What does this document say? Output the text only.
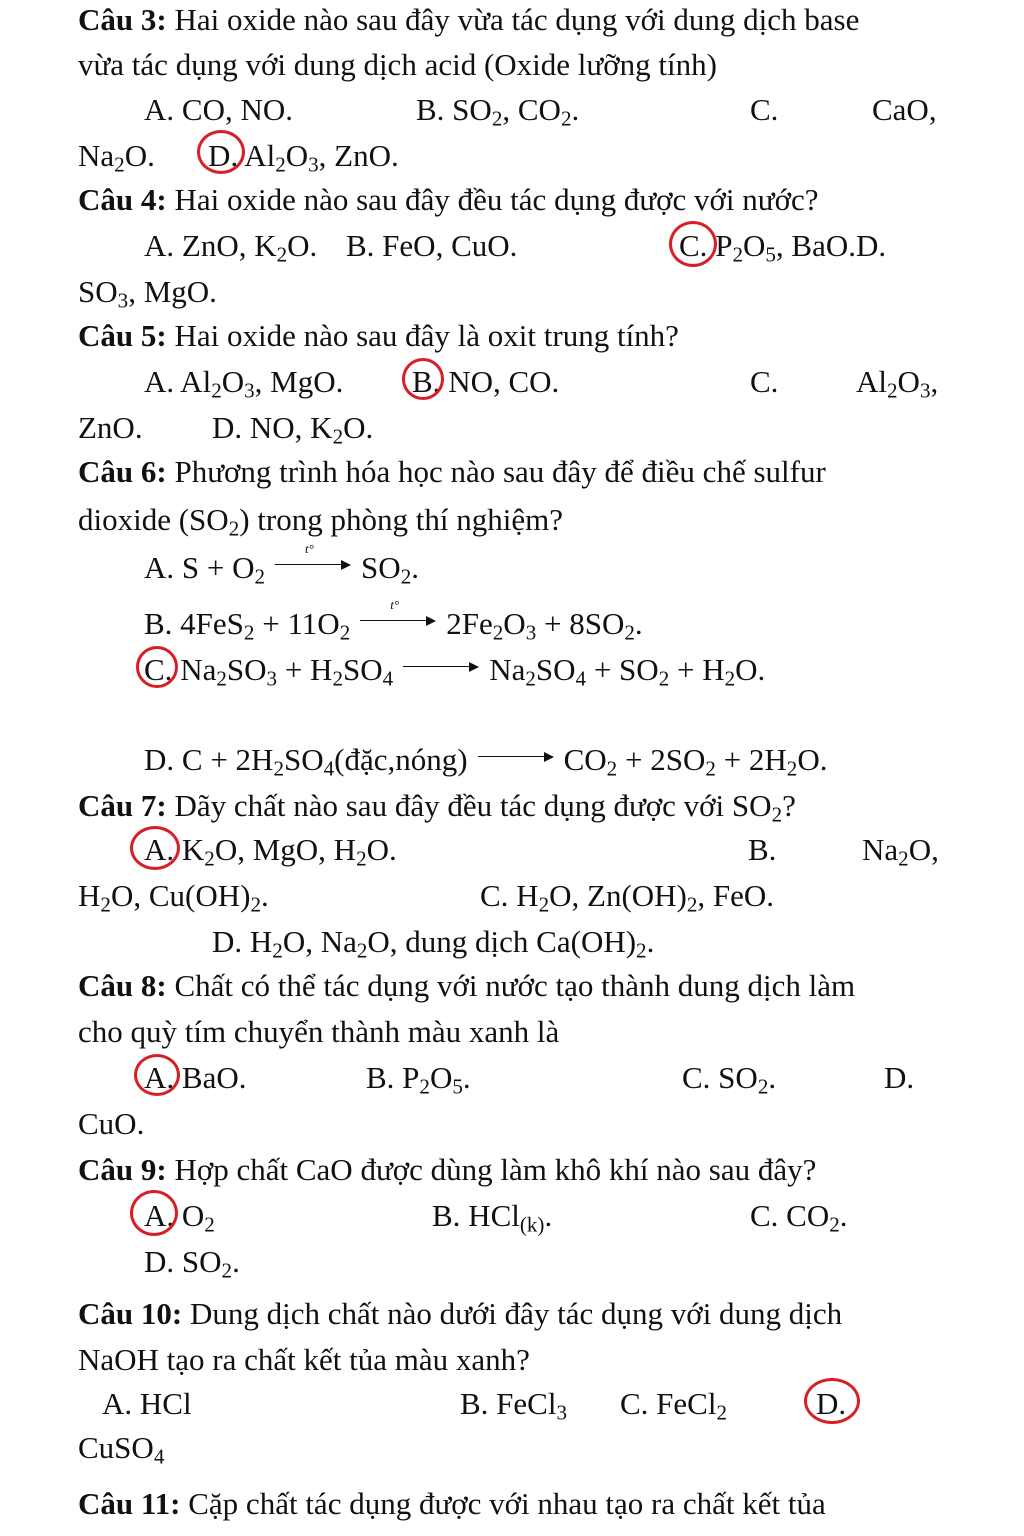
Câu 3: Hai oxide nào sau đây vừa tác dụng với dung dịch base
vừa tác dụng với dung dịch acid (Oxide lưỡng tính)
A. CO, NO.	B. $SO_2$, $CO_2$.	C.	CaO,
$Na_2O$. D. $Al_2O_3$, ZnO.
Câu 4: Hai oxide nào sau đây đều tác dụng được với nước?
A. ZnO, $K_2O$. B. FeO, CuO.	C. $P_2O_5$, BaO.D.
$SO_3$, MgO.
Câu 5: Hai oxide nào sau đây là oxit trung tính?
A. $Al_2O_3$, MgO. B. NO, CO.	C.	$Al_2O_3$,
ZnO. D. NO, $K_2O$.
Câu 6: Phương trình hóa học nào sau đây để điều chế sulfur
dioxide $(SO_2)$ trong phòng thí nghiệm?
A. $S + O_2$
t°
$SO_2$.
B. $4FeS_2 + 11O_2$
t°
$2Fe_2O_3 + 8SO_2$.
C. $Na_2SO_3 + H_2SO_4$	$Na_2SO_4 + SO_2 + H_2O$.
D. $C + 2H_2SO_4(đặc,nóng)$	$CO_2 + 2SO_2 + 2H_2O$.
Câu 7: Dãy chất nào sau đây đều tác dụng được với $SO_2$?
A. $K_2O$, MgO, $H_2O$.	B.	$Na_2O$,
$H_2O$, $Cu(OH)_2$.	C. $H_2O$, $Zn(OH)_2$, FeO.
D. $H_2O$, $Na_2O$, dung dịch $Ca(OH)_2$.
Câu 8: Chất có thể tác dụng với nước tạo thành dung dịch làm
cho quỳ tím chuyển thành màu xanh là
A. BaO.	B. $P_2O_5$.	C. $SO_2$.	D.
CuO.
Câu 9: Hợp chất CaO được dùng làm khô khí nào sau đây?
A. $O_2$	B. HCl$_{(k)}$.	C. $CO_2$.
D. $SO_2$.
Câu 10: Dung dịch chất nào dưới đây tác dụng với dung dịch
NaOH tạo ra chất kết tủa màu xanh?
A. HCl	B. FeCl$_3$ C. FeCl$_2$	D.
CuSO$_4$
Câu 11: Cặp chất tác dụng được với nhau tạo ra chất kết tủa
